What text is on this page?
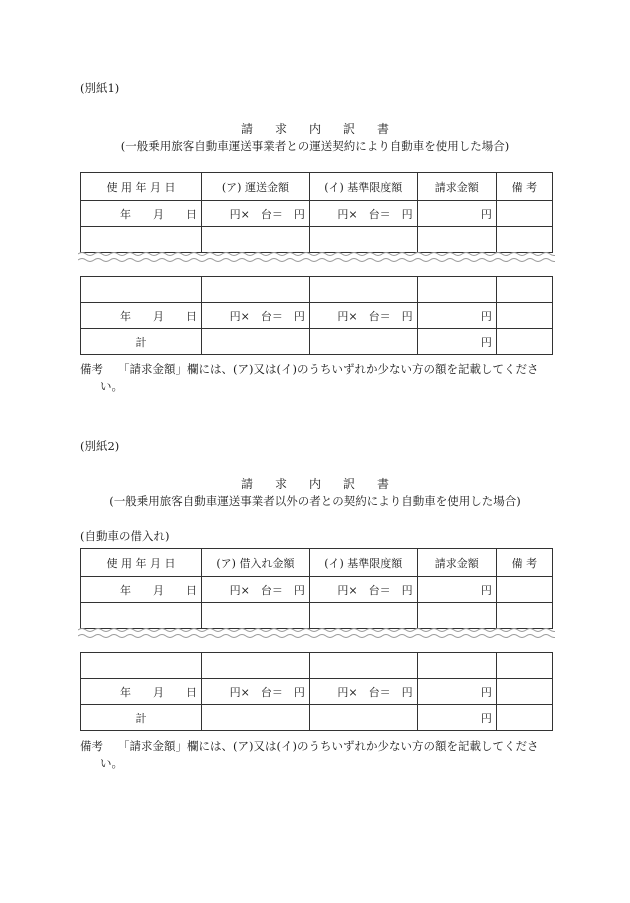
(別紙1)
請求内訳書
(一般乗用旅客自動車運送事業者との運送契約により自動車を使用した場合)
使 用 年 月 日	(ア) 運送金額	(イ) 基準限度額	請求金額	備 考
年　　月　　日	円×　台＝　円	円×　台＝　円	円	

年　　月　　日	円×　台＝　円	円×　台＝　円	円	
計			円	
備考 「請求金額」欄には、(ア)又は(イ)のうちいずれか少ない方の額を記載してくださ
い。
(別紙2)
請求内訳書
(一般乗用旅客自動車運送事業者以外の者との契約により自動車を使用した場合)
(自動車の借入れ)
使 用 年 月 日	(ア) 借入れ金額	(イ) 基準限度額	請求金額	備 考
年　　月　　日	円×　台＝　円	円×　台＝　円	円	

年　　月　　日	円×　台＝　円	円×　台＝　円	円	
計			円	
備考 「請求金額」欄には、(ア)又は(イ)のうちいずれか少ない方の額を記載してくださ
い。
